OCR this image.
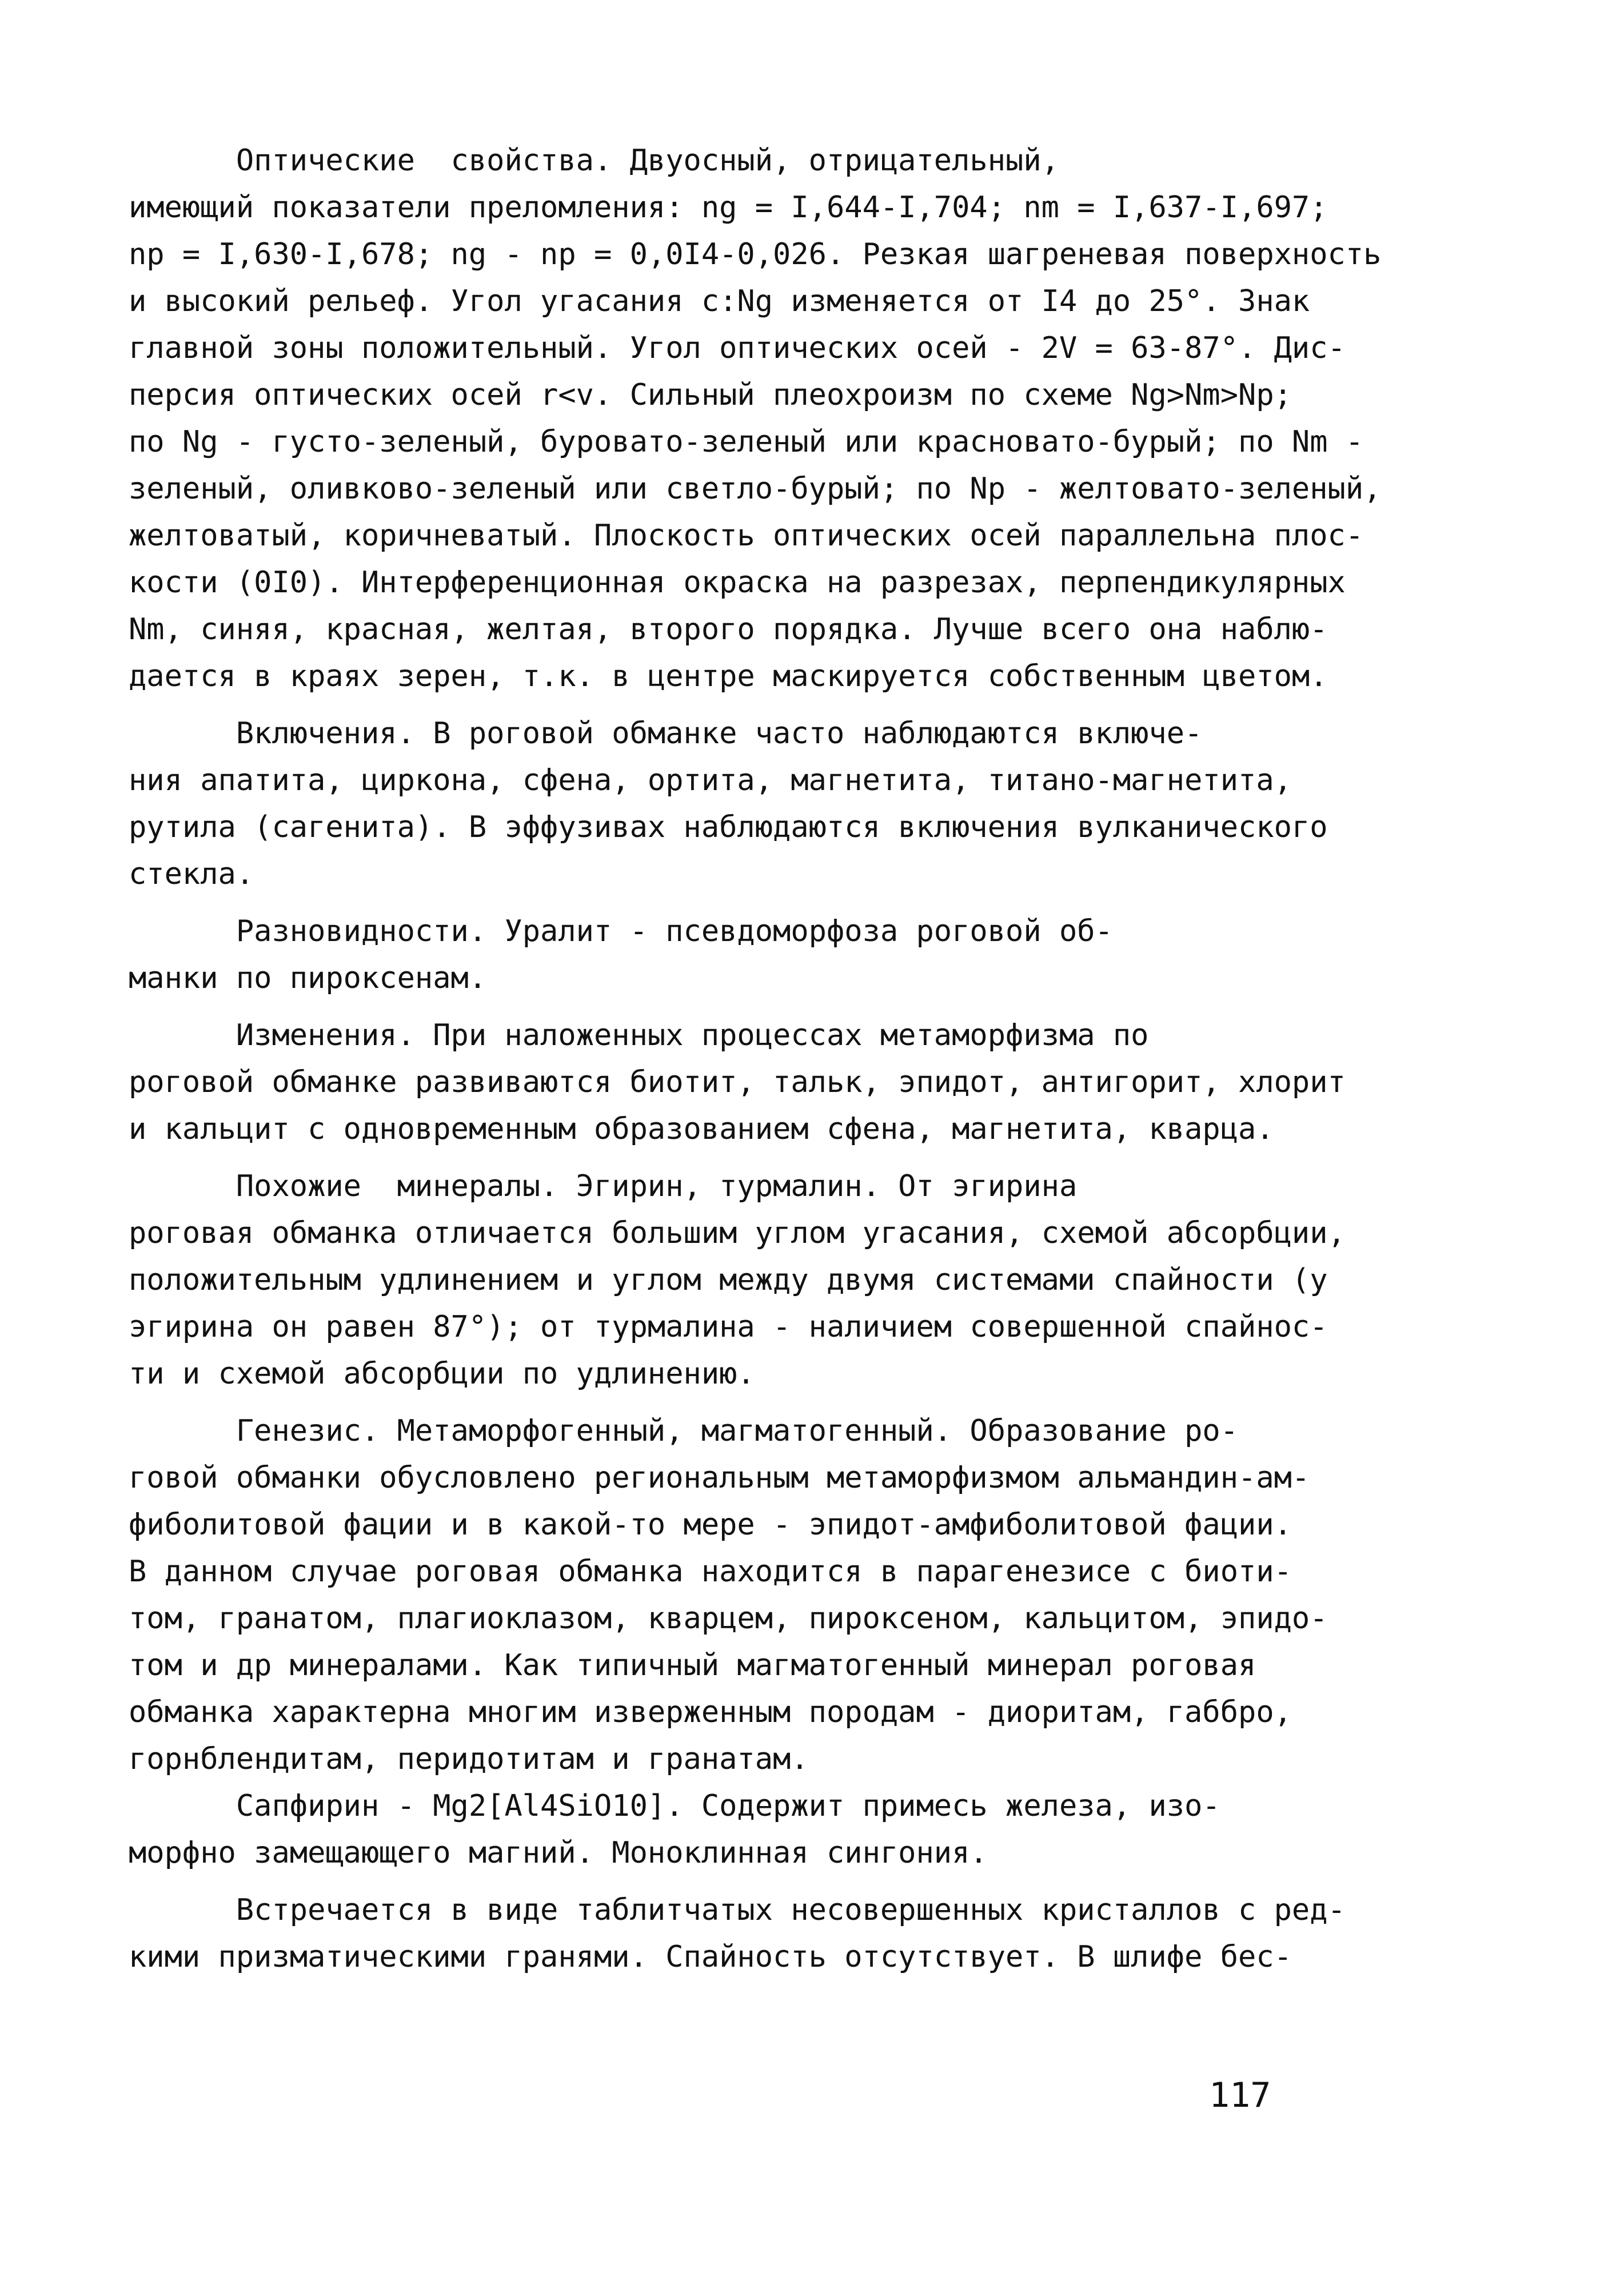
Оптические  свойства. Двуосный, отрицательный,
имеющий показатели преломления: ng = I,644-I,704; nm = I,637-I,697;
np = I,630-I,678; ng - np = 0,0I4-0,026. Резкая шагреневая поверхность
и высокий рельеф. Угол угасания c:Ng изменяется от I4 до 25°. Знак
главной зоны положительный. Угол оптических осей - 2V = 63-87°. Дис-
персия оптических осей r<v. Сильный плеохроизм по схеме Ng>Nm>Np;
по Ng - густо-зеленый, буровато-зеленый или красновато-бурый; по Nm -
зеленый, оливково-зеленый или светло-бурый; по Np - желтовато-зеленый,
желтоватый, коричневатый. Плоскость оптических осей параллельна плос-
кости (0I0). Интерференционная окраска на разрезах, перпендикулярных
Nm, синяя, красная, желтая, второго порядка. Лучше всего она наблю-
дается в краях зерен, т.к. в центре маскируется собственным цветом.
Включения. В роговой обманке часто наблюдаются включе-
ния апатита, циркона, сфена, ортита, магнетита, титано-магнетита,
рутила (сагенита). В эффузивах наблюдаются включения вулканического
стекла.
Разновидности. Уралит - псевдоморфоза роговой об-
манки по пироксенам.
Изменения. При наложенных процессах метаморфизма по
роговой обманке развиваются биотит, тальк, эпидот, антигорит, хлорит
и кальцит с одновременным образованием сфена, магнетита, кварца.
Похожие  минералы. Эгирин, турмалин. От эгирина
роговая обманка отличается большим углом угасания, схемой абсорбции,
положительным удлинением и углом между двумя системами спайности (у
эгирина он равен 87°); от турмалина - наличием совершенной спайнос-
ти и схемой абсорбции по удлинению.
Генезис. Метаморфогенный, магматогенный. Образование ро-
говой обманки обусловлено региональным метаморфизмом альмандин-ам-
фиболитовой фации и в какой-то мере - эпидот-амфиболитовой фации.
В данном случае роговая обманка находится в парагенезисе с биоти-
том, гранатом, плагиоклазом, кварцем, пироксеном, кальцитом, эпидо-
том и др минералами. Как типичный магматогенный минерал роговая
обманка характерна многим изверженным породам - диоритам, габбро,
горнблендитам, перидотитам и гранатам.
Сапфирин - Mg2[Al4SiO10]. Содержит примесь железа, изо-
морфно замещающего магний. Моноклинная сингония.
Встречается в виде таблитчатых несовершенных кристаллов с ред-
кими призматическими гранями. Спайность отсутствует. В шлифе бес-
117
